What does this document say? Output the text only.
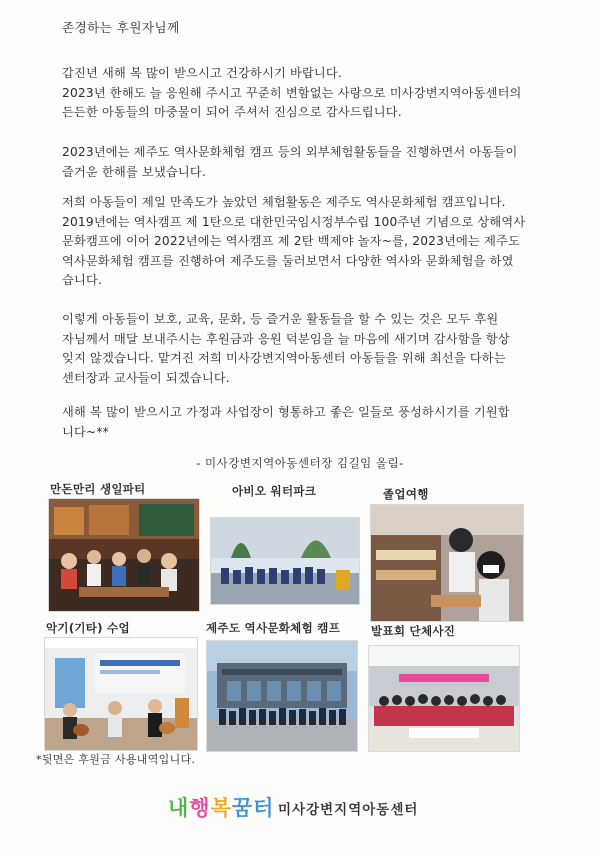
존경하는 후원자님께
갑진년 새해 복 많이 받으시고 건강하시기 바랍니다.
2023년 한해도 늘 응원해 주시고 꾸준히 변함없는 사랑으로 미사강변지역아동센터의
든든한 아동들의 마중물이 되어 주셔서 진심으로 감사드립니다.
2023년에는 제주도 역사문화체험 캠프 등의 외부체험활동들을 진행하면서 아동들이
즐거운 한해를 보냈습니다.
저희 아동들이 제일 만족도가 높았던 체험활동은 제주도 역사문화체험 캠프입니다.
2019년에는 역사캠프 제 1탄으로 대한민국임시정부수립 100주년 기념으로 상해역사
문화캠프에 이어 2022년에는 역사캠프 제 2탄 백제야 놀자~를, 2023년에는 제주도
역사문화체험 캠프를 진행하여 제주도를 둘러보면서 다양한 역사와 문화체험을 하였
습니다.
이렇게 아동들이 보호, 교육, 문화, 등 즐거운 활동들을 할 수 있는 것은 모두 후원
자님께서 매달 보내주시는 후원금과 응원 덕분임을 늘 마음에 새기며 감사함을 항상
잊지 않겠습니다. 맡겨진 저희 미사강변지역아동센터 아동들을 위해 최선을 다하는
센터장과 교사들이 되겠습니다.
새해 복 많이 받으시고 가정과 사업장이 형통하고 좋은 일들로 풍성하시기를 기원합
니다~**
- 미사강변지역아동센터장 김길임 올림-
만돈만리 생일파티	아비오 워터파크	졸업여행
악기(기타) 수업	제주도 역사문화체험 캠프	발표회 단체사진
*뒷면은 후원금 사용내역입니다.
내행복꿈터 미사강변지역아동센터
